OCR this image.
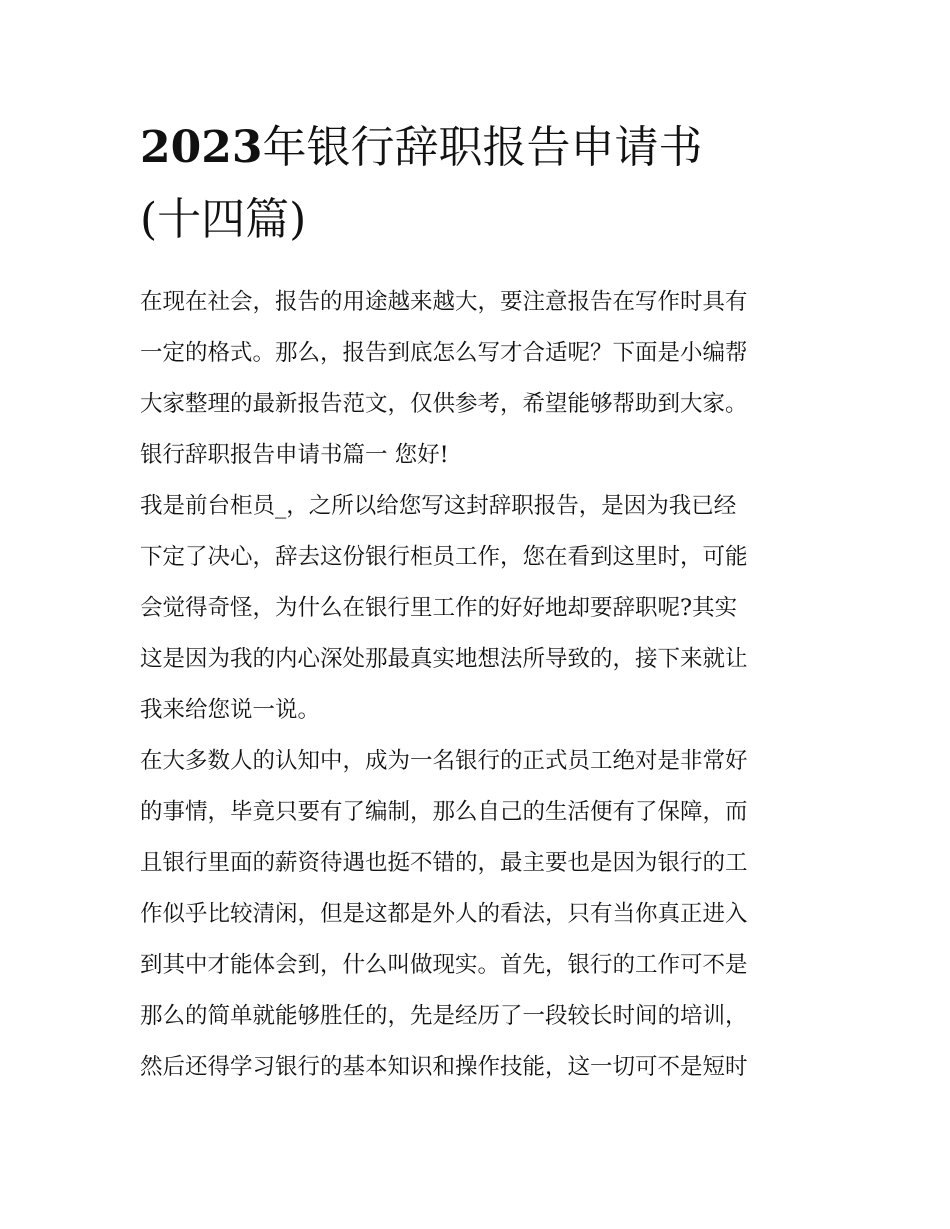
2023年银行辞职报告申请书
(十四篇)
在现在社会，报告的用途越来越大，要注意报告在写作时具有
一定的格式。那么，报告到底怎么写才合适呢？下面是小编帮
大家整理的最新报告范文，仅供参考，希望能够帮助到大家。
银行辞职报告申请书篇一 您好!
我是前台柜员_，之所以给您写这封辞职报告，是因为我已经
下定了决心，辞去这份银行柜员工作，您在看到这里时，可能
会觉得奇怪，为什么在银行里工作的好好地却要辞职呢?其实
这是因为我的内心深处那最真实地想法所导致的，接下来就让
我来给您说一说。
在大多数人的认知中，成为一名银行的正式员工绝对是非常好
的事情，毕竟只要有了编制，那么自己的生活便有了保障，而
且银行里面的薪资待遇也挺不错的，最主要也是因为银行的工
作似乎比较清闲，但是这都是外人的看法，只有当你真正进入
到其中才能体会到，什么叫做现实。首先，银行的工作可不是
那么的简单就能够胜任的，先是经历了一段较长时间的培训，
然后还得学习银行的基本知识和操作技能，这一切可不是短时
